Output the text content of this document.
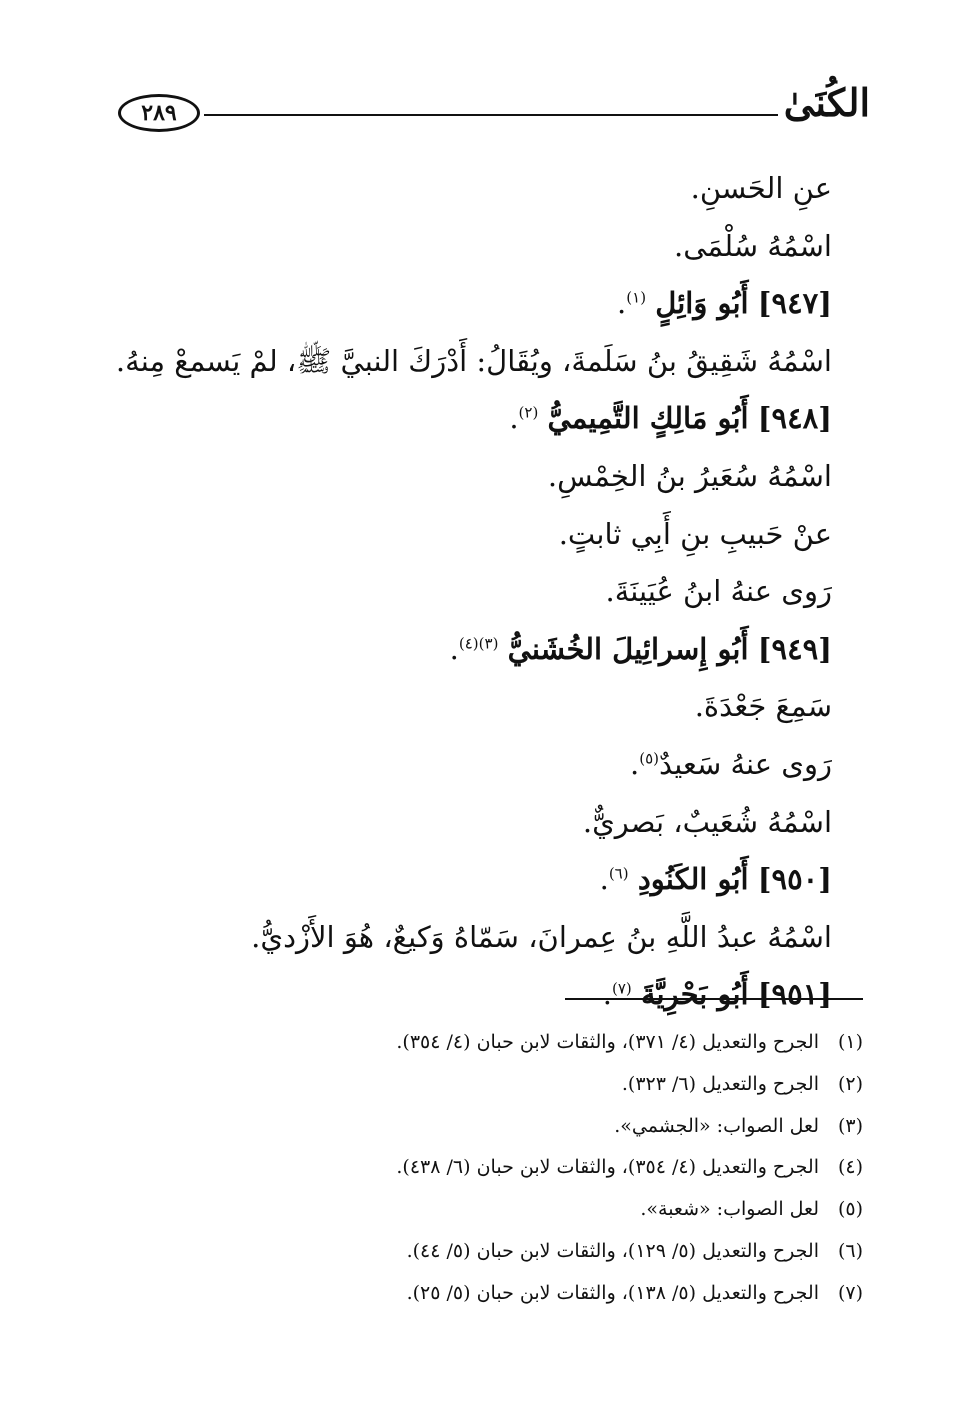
الكُنَىٰ
٢٨٩
عنِ الحَسنِ.
اسْمُهُ سُلْمَى.
[٩٤٧] أَبُو وَائِلٍ $^{(١)}$.
اسْمُهُ شَقِيقُ بنُ سَلَمةَ، ويُقَالُ: أَدْرَكَ النبيَّ ﷺ، لمْ يَسمعْ مِنهُ.
[٩٤٨] أَبُو مَالِكٍ التَّمِيميُّ $^{(٢)}$.
اسْمُهُ سُعَيرُ بنُ الخِمْسِ.
عنْ حَبيبِ بنِ أَبِي ثابتٍ.
رَوى عنهُ ابنُ عُيَينَةَ.
[٩٤٩] أَبُو إِسرائِيلَ الخُشَنيُّ $^{(٣)(٤)}$.
سَمِعَ جَعْدَةَ.
رَوى عنهُ سَعيدٌ$^{(٥)}$.
اسْمُهُ شُعَيبٌ، بَصريٌّ.
[٩٥٠] أَبُو الكَنُودِ $^{(٦)}$.
اسْمُهُ عبدُ اللَّهِ بنُ عِمرانَ، سَمّاهُ وَكيعٌ، هُوَ الأَزْديُّ.
[٩٥١] أَبُو بَحْرِيَّةَ $^{(٧)}$.
(١)الجرح والتعديل (٤/ ٣٧١)، والثقات لابن حبان (٤/ ٣٥٤).
(٢)الجرح والتعديل (٦/ ٣٢٣).
(٣)لعل الصواب: «الجشمي».
(٤)الجرح والتعديل (٤/ ٣٥٤)، والثقات لابن حبان (٦/ ٤٣٨).
(٥)لعل الصواب: «شعبة».
(٦)الجرح والتعديل (٥/ ١٢٩)، والثقات لابن حبان (٥/ ٤٤).
(٧)الجرح والتعديل (٥/ ١٣٨)، والثقات لابن حبان (٥/ ٢٥).
